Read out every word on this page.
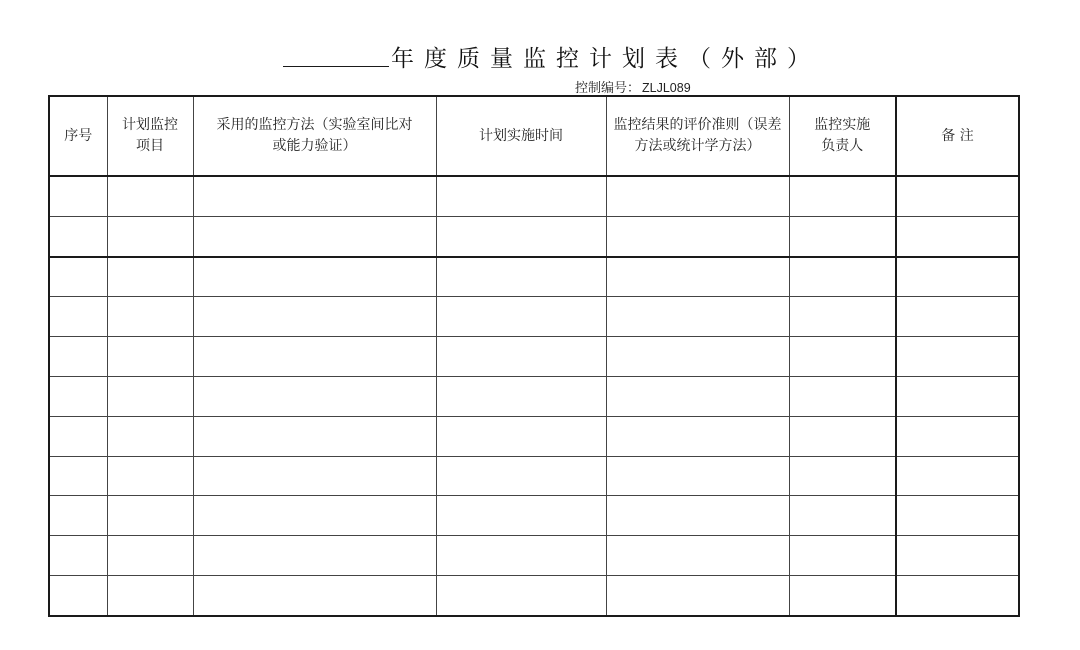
年度质量监控计划表（外部）
控制编号： ZLJL089
序号	计划监控项目	采用的监控方法（实验室间比对或能力验证）	计划实施时间	监控结果的评价准则（误差方法或统计学方法）	监控实施负责人	备 注
